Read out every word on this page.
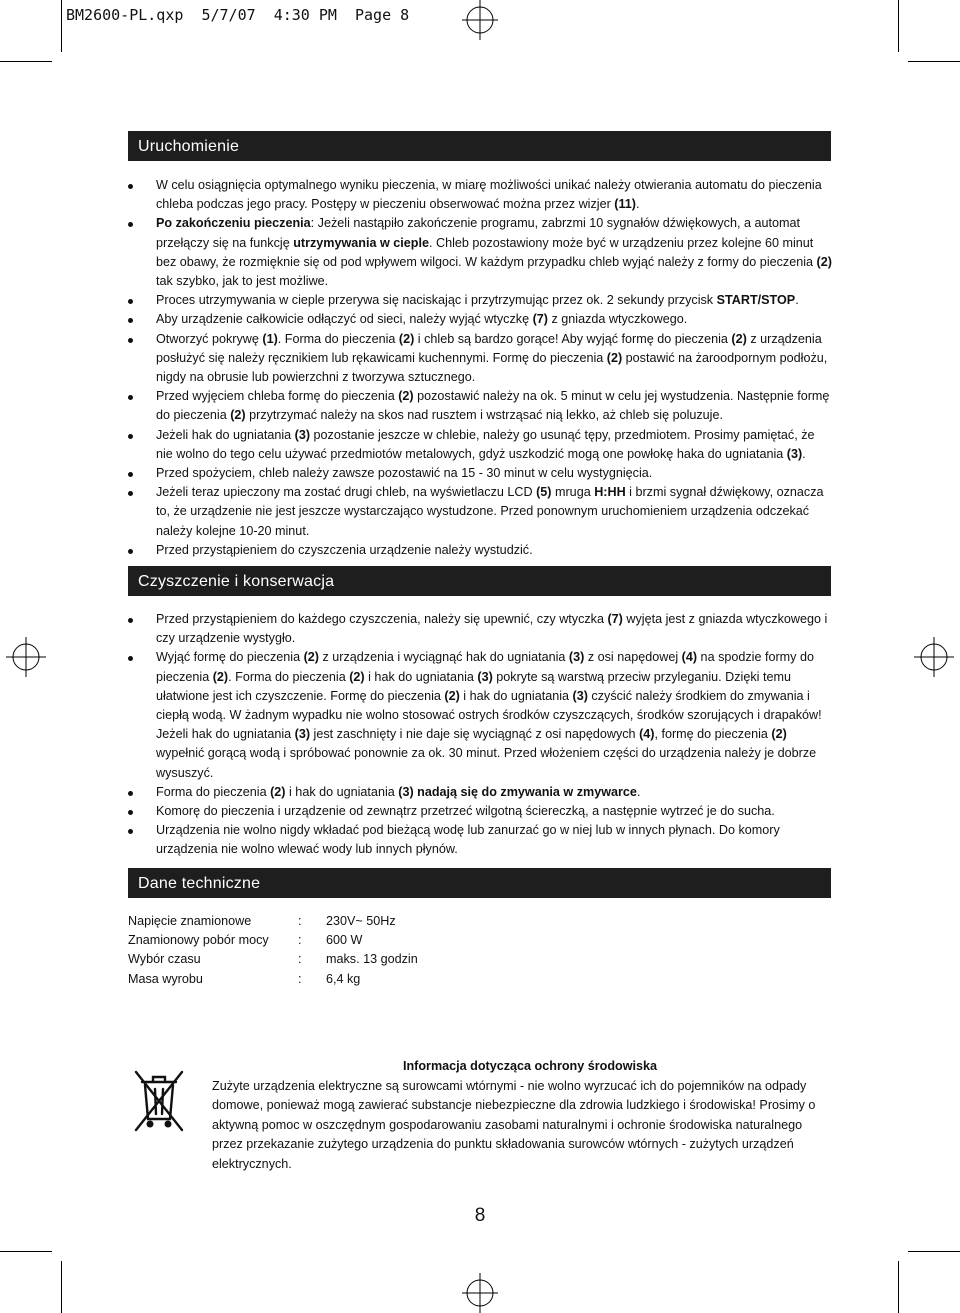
BM2600-PL.qxp 5/7/07 4:30 PM Page 8
Uruchomienie
W celu osiągnięcia optymalnego wyniku pieczenia, w miarę możliwości unikać należy otwierania automatu do pieczenia chleba podczas jego pracy. Postępy w pieczeniu obserwować można przez wizjer (11).
Po zakończeniu pieczenia: Jeżeli nastąpiło zakończenie programu, zabrzmi 10 sygnałów dźwiękowych, a automat przełączy się na funkcję utrzymywania w cieple. Chleb pozostawiony może być w urządzeniu przez kolejne 60 minut bez obawy, że rozmięknie się od pod wpływem wilgoci. W każdym przypadku chleb wyjąć należy z formy do pieczenia (2) tak szybko, jak to jest możliwe.
Proces utrzymywania w cieple przerywa się naciskając i przytrzymując przez ok. 2 sekundy przycisk START/STOP.
Aby urządzenie całkowicie odłączyć od sieci, należy wyjąć wtyczkę (7) z gniazda wtyczkowego.
Otworzyć pokrywę (1). Forma do pieczenia (2) i chleb są bardzo gorące! Aby wyjąć formę do pieczenia (2) z urządzenia posłużyć się należy ręcznikiem lub rękawicami kuchennymi. Formę do pieczenia (2) postawić na żaroodpornym podłożu, nigdy na obrusie lub powierzchni z tworzywa sztucznego.
Przed wyjęciem chleba formę do pieczenia (2) pozostawić należy na ok. 5 minut w celu jej wystudzenia. Następnie formę do pieczenia (2) przytrzymać należy na skos nad rusztem i wstrząsać nią lekko, aż chleb się poluzuje.
Jeżeli hak do ugniatania (3) pozostanie jeszcze w chlebie, należy go usunąć tępy, przedmiotem. Prosimy pamiętać, że nie wolno do tego celu używać przedmiotów metalowych, gdyż uszkodzić mogą one powłokę haka do ugniatania (3).
Przed spożyciem, chleb należy zawsze pozostawić na 15 - 30 minut w celu wystygnięcia.
Jeżeli teraz upieczony ma zostać drugi chleb, na wyświetlaczu LCD (5) mruga H:HH i brzmi sygnał dźwiękowy, oznacza to, że urządzenie nie jest jeszcze wystarczająco wystudzone. Przed ponownym uruchomieniem urządzenia odczekać należy kolejne 10-20 minut.
Przed przystąpieniem do czyszczenia urządzenie należy wystudzić.
Czyszczenie i konserwacja
Przed przystąpieniem do każdego czyszczenia, należy się upewnić, czy wtyczka (7) wyjęta jest z gniazda wtyczkowego i czy urządzenie wystygło.
Wyjąć formę do pieczenia (2) z urządzenia i wyciągnąć hak do ugniatania (3) z osi napędowej (4) na spodzie formy do pieczenia (2). Forma do pieczenia (2) i hak do ugniatania (3) pokryte są warstwą przeciw przyleganiu. Dzięki temu ułatwione jest ich czyszczenie. Formę do pieczenia (2) i hak do ugniatania (3) czyścić należy środkiem do zmywania i ciepłą wodą. W żadnym wypadku nie wolno stosować ostrych środków czyszczących, środków szorujących i drapaków! Jeżeli hak do ugniatania (3) jest zaschnięty i nie daje się wyciągnąć z osi napędowych (4), formę do pieczenia (2) wypełnić gorącą wodą i spróbować ponownie za ok. 30 minut. Przed włożeniem części do urządzenia należy je dobrze wysuszyć.
Forma do pieczenia (2) i hak do ugniatania (3) nadają się do zmywania w zmywarce.
Komorę do pieczenia i urządzenie od zewnątrz przetrzeć wilgotną ściereczką, a następnie wytrzeć je do sucha.
Urządzenia nie wolno nigdy wkładać pod bieżącą wodę lub zanurzać go w niej lub w innych płynach. Do komory urządzenia nie wolno wlewać wody lub innych płynów.
Dane techniczne
Napięcie znamionowe	:	230V~ 50Hz
Znamionowy pobór mocy	:	600 W
Wybór czasu	:	maks. 13 godzin
Masa wyrobu	:	6,4 kg
Informacja dotycząca ochrony środowiska
Zużyte urządzenia elektryczne są surowcami wtórnymi - nie wolno wyrzucać ich do pojemników na odpady domowe, ponieważ mogą zawierać substancje niebezpieczne dla zdrowia ludzkiego i środowiska! Prosimy o aktywną pomoc w oszczędnym gospodarowaniu zasobami naturalnymi i ochronie środowiska naturalnego przez przekazanie zużytego urządzenia do punktu składowania surowców wtórnych - zużytych urządzeń elektrycznych.
8
